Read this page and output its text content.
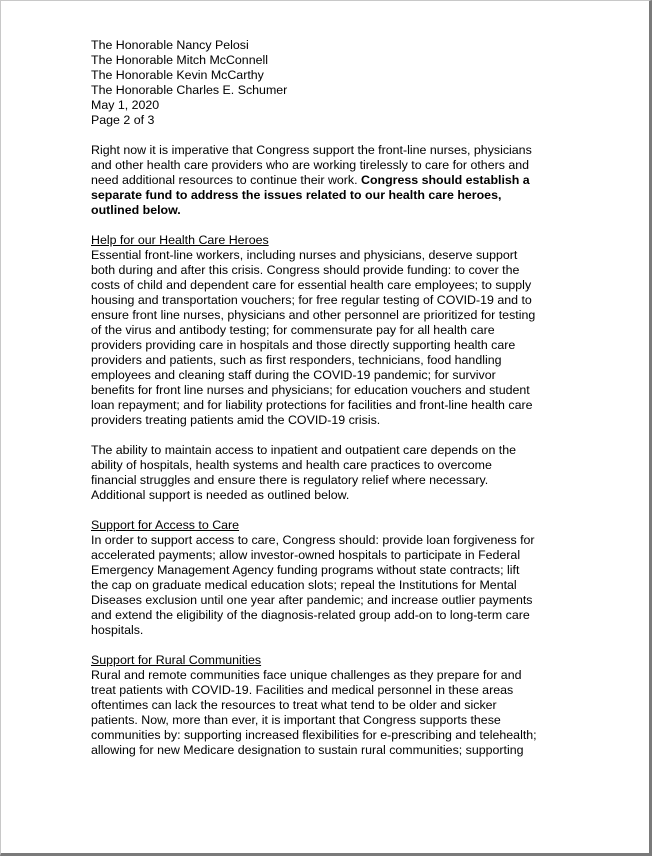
The Honorable Nancy Pelosi
The Honorable Mitch McConnell
The Honorable Kevin McCarthy
The Honorable Charles E. Schumer
May 1, 2020
Page 2 of 3
Right now it is imperative that Congress support the front-line nurses, physicians
and other health care providers who are working tirelessly to care for others and
need additional resources to continue their work. Congress should establish a
separate fund to address the issues related to our health care heroes,
outlined below.
Help for our Health Care Heroes
Essential front-line workers, including nurses and physicians, deserve support
both during and after this crisis. Congress should provide funding: to cover the
costs of child and dependent care for essential health care employees; to supply
housing and transportation vouchers; for free regular testing of COVID-19 and to
ensure front line nurses, physicians and other personnel are prioritized for testing
of the virus and antibody testing; for commensurate pay for all health care
providers providing care in hospitals and those directly supporting health care
providers and patients, such as first responders, technicians, food handling
employees and cleaning staff during the COVID-19 pandemic; for survivor
benefits for front line nurses and physicians; for education vouchers and student
loan repayment; and for liability protections for facilities and front-line health care
providers treating patients amid the COVID-19 crisis.
The ability to maintain access to inpatient and outpatient care depends on the
ability of hospitals, health systems and health care practices to overcome
financial struggles and ensure there is regulatory relief where necessary.
Additional support is needed as outlined below.
Support for Access to Care
In order to support access to care, Congress should: provide loan forgiveness for
accelerated payments; allow investor-owned hospitals to participate in Federal
Emergency Management Agency funding programs without state contracts; lift
the cap on graduate medical education slots; repeal the Institutions for Mental
Diseases exclusion until one year after pandemic; and increase outlier payments
and extend the eligibility of the diagnosis-related group add-on to long-term care
hospitals.
Support for Rural Communities
Rural and remote communities face unique challenges as they prepare for and
treat patients with COVID-19. Facilities and medical personnel in these areas
oftentimes can lack the resources to treat what tend to be older and sicker
patients. Now, more than ever, it is important that Congress supports these
communities by: supporting increased flexibilities for e-prescribing and telehealth;
allowing for new Medicare designation to sustain rural communities; supporting
